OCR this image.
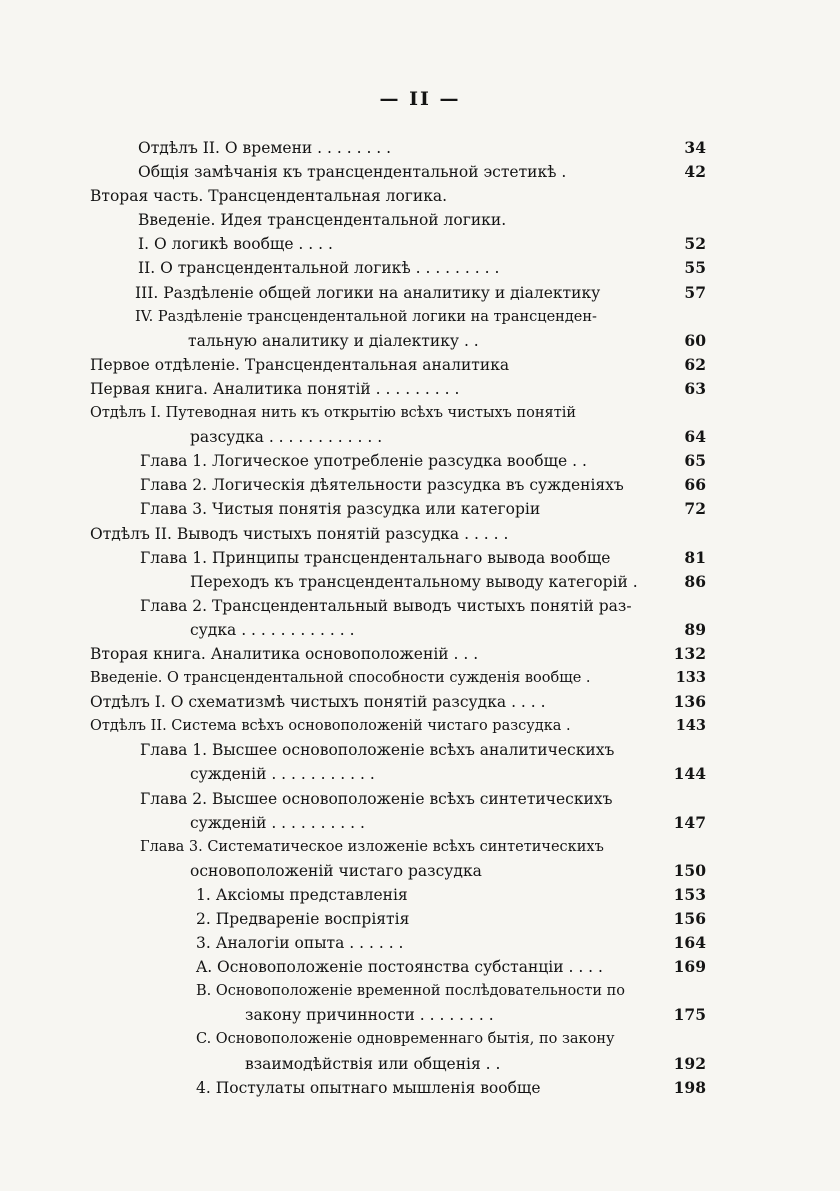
— II —
Отдѣлъ II. О времени . . . . . . . .	34
Общія замѣчанія къ трансцендентальной эстетикѣ .	42
Вторая часть. Трансцендентальная логика.
Введеніе. Идея трансцендентальной логики.
I. О логикѣ вообще . . . .	52
II. О трансцендентальной логикѣ . . . . . . . . .	55
III. Раздѣленіе общей логики на аналитику и діалектику	57
IV. Раздѣленіе трансцендентальной логики на трансценден-
тальную аналитику и діалектику . .	60
Первое отдѣленіе. Трансцендентальная аналитика	62
Первая книга. Аналитика понятій . . . . . . . . .	63
Отдѣлъ I. Путеводная нить къ открытію всѣхъ чистыхъ понятій
разсудка . . . . . . . . . . . .	64
Глава 1. Логическое употребленіе разсудка вообще . .	65
Глава 2. Логическія дѣятельности разсудка въ сужденіяхъ	66
Глава 3. Чистыя понятія разсудка или категоріи	72
Отдѣлъ II. Выводъ чистыхъ понятій разсудка . . . . .
Глава 1. Принципы трансцендентальнаго вывода вообще	81
Переходъ къ трансцендентальному выводу категорій .	86
Глава 2. Трансцендентальный выводъ чистыхъ понятій раз-
судка . . . . . . . . . . . .	89
Вторая книга. Аналитика основоположеній . . .	132
Введеніе. О трансцендентальной способности сужденія вообще .	133
Отдѣлъ I. О схематизмѣ чистыхъ понятій разсудка . . . .	136
Отдѣлъ II. Система всѣхъ основоположеній чистаго разсудка .	143
Глава 1. Высшее основоположеніе всѣхъ аналитическихъ
сужденій . . . . . . . . . . .	144
Глава 2. Высшее основоположеніе всѣхъ синтетическихъ
сужденій . . . . . . . . . .	147
Глава 3. Систематическое изложеніе всѣхъ синтетическихъ
основоположеній чистаго разсудка	150
1. Аксіомы представленія	153
2. Предвареніе воспріятія	156
3. Аналогіи опыта . . . . . .	164
A. Основоположеніе постоянства субстанціи . . . .	169
B. Основоположеніе временной послѣдовательности по
закону причинности . . . . . . . .	175
C. Основоположеніе одновременнаго бытія, по закону
взаимодѣйствія или общенія . .	192
4. Постулаты опытнаго мышленія вообще	198
